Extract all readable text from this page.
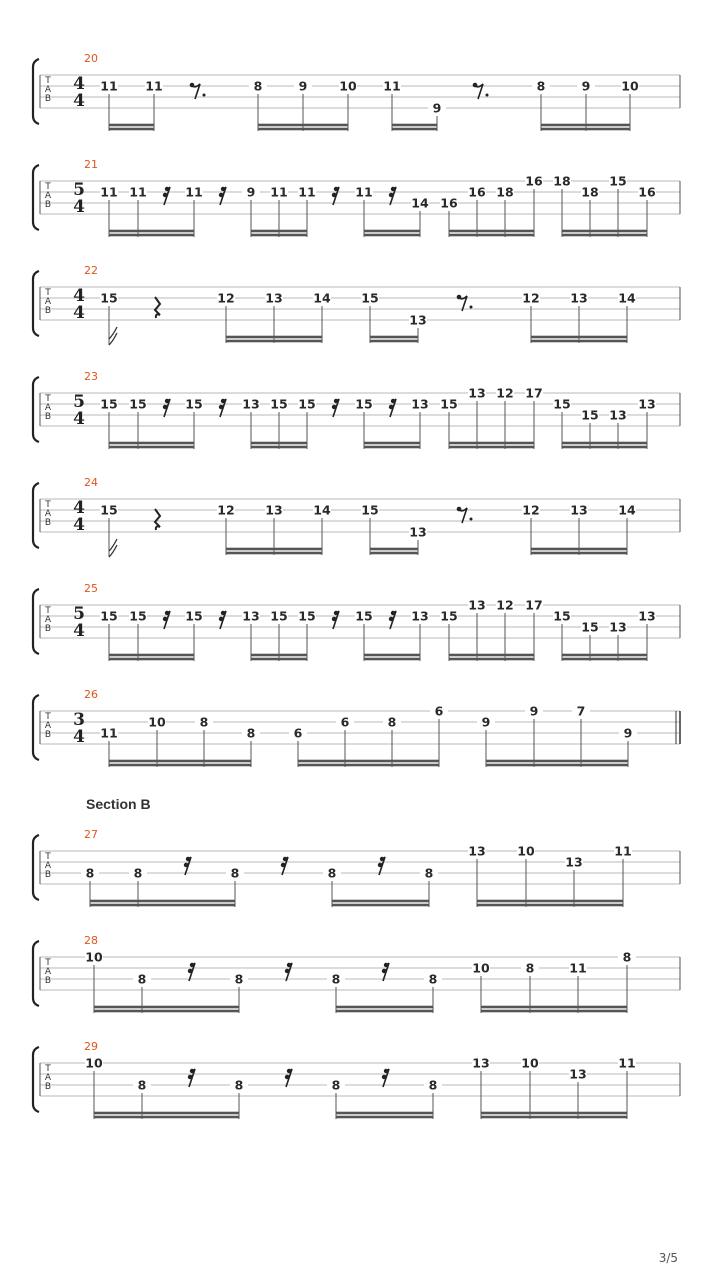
Section B
3/5
T
A
B
20
4
4
11 11	8	9	10 11
9
8	9 10
T
A
B
21
5
4
11 11	11	9 11 11	11
14 16
16 18
16 18
18
15
16
T
A
B
22
4
4
15	12 13 14 15
13
12 13 14
T
A
B
23
5
4
15 15	15	13 15 15	15	13 15
13 12 17
15
15 13
13
T
A
B
24
4
4
15	12 13 14 15
13
12 13 14
T
A
B
25
5
4
15 15	15	13 15 15	15	13 15
13 12 17
15
15 13
13
T
A
B
26
3
4 11
10	8
8	6
6	8
6
9
9	7
9
T
A
B
27
8	8	8	8	8
13	10
13
11
T
A
B
28
10
8	8	8	8
10	8	11
8
T
A
B
29
10
8	8	8	8
13	10
13
11
